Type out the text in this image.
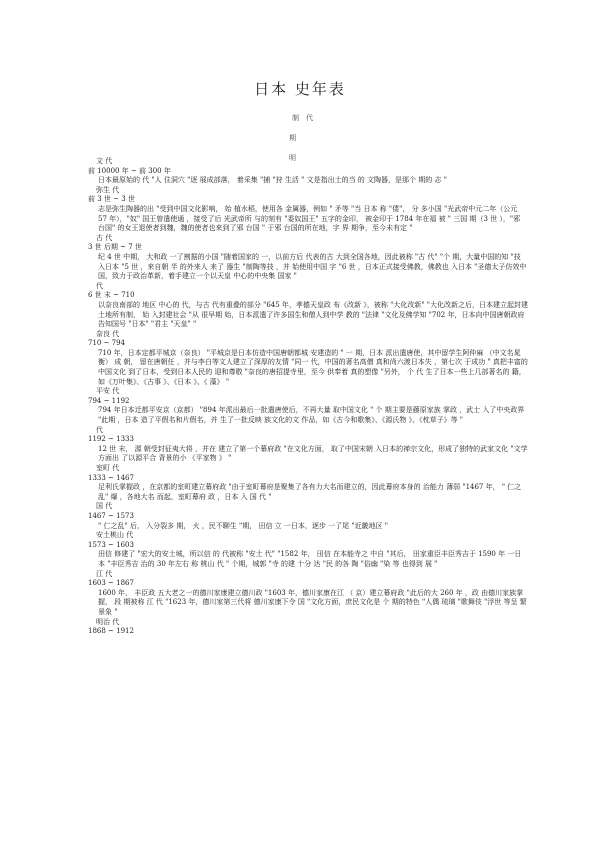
日本 史年表
制 代
期
明
文 代
前 10000 年 ~ 前 300 年
日本最原始的 代 "人 住洞穴 "逐 展成部落， 着采集 "捕 "狩 生活 " 文是指出土的当 的 文陶器，是那个 期的 志 "
弥生 代
前 3 世 ~ 3 世
志是弥生陶器的出 "受到中国文化影响， 始 植水稻，使用各 金属器，例如 " 矛等 "当 日本 称 "倭"， 分 多小国 "光武帝中元二年（公元 57 年），"奴" 国王曾遣使通 ，接受了后 光武帝所 与的刻有 "委奴国王" 五字的金印， 被金印于 1784 年在福 被 " 三国 期（3 世 ），"邪 台国" 的女王退使者到魏，魏的使者也来到了邪 台国 " 于邪 台国的所在地，字 界 期争，至今未有定 "
古 代
3 世 后期 ~ 7 世
纪 4 世 中期， 大和政 一了割据的小国 "随着国家的 一，以前方后 代表的古 大到全国各地，因此被称 "古 代" "个 期，大量中国的知 "技 入日本 "5 世 ，来自朝 半 的外来人 来了 器生 "制陶等技 ，并 始使用中国 字 "6 世 ，日本正式接受佛教，佛教也 入日本 "圣德太子仿效中国，致力于政治革新，着手建立一个以天皇 中心的中央集 国家 "
代
6 世 末 ~ 710
以奈良南部的 地区 中心的 代，与古 代有重叠的部分 "645 年，孝德天皇政 布《改新 》，被称 "大化改新" "大化改新之后，日本建立起封建土地所有制， 始 入封建社会 "从 很早期 始，日本派遣了许多国生和僧人到中学 教的 "法律 "文化及佛学知 "702 年，日本向中国唐朝政府告知国号 "日本" "君主 "天皇" "
奈良 代
710 ~ 794
710 年，日本定都平城京（奈良） "平城京是日本仿造中国唐朝都城 安建造的 " 一 期，日本 派出遣唐使，其中留学生阿仲麻 （中文名晁衡） 成 朝， 留在唐朝任 ，并与李白等文人建立了深厚的友情 "同一 代，中国的著名高僧 真和尚六渡日本失 ，第七次 于成功 " 真把丰富的中国文化 到了日本，受到日本人民的 迎和尊敬 "奈良的唐招提寺里，至今 供奉着 真的塑像 "另外， 个 代 生了日本一些上几部著名的 籍，如《万叶集》、《古事 》、《日本 》、《 藻》 "
平安 代
794 ~ 1192
794 年日本迁都平安京（京都） "894 年派出最后一批遣唐使后，不再大量 取中国文化 " 个 期主要是藤原家族 掌政 ，武士 入了中央政界 "此期 ，日本 造了平假名和片假名，并 生了一批反映 族文化的文 作品，如《古今和歌集》、《源氏物 》、《枕草子》等 "
代
1192 ~ 1333
12 世 末， 源 朝受封征夷大将 ，并在 建立了第一个幕府政 "在文化方面， 取了中国宋朝 入日本的禅宗文化，形成了独特的武家文化 "文学方面出 了以源平合 背景的小 《平家物 》 "
室町 代
1333 ~ 1467
足利氏掌握政 ，在京都的室町建立幕府政 "由于室町幕府是聚集了各有力大名而建立的，因此幕府本身的 治能力 薄弱 "1467 年， " 仁之乱" 爆 ，各地大名 而起，室町幕府 政 ，日本 入 国 代 "
国 代
1467 ~ 1573
" 仁之乱" 后， 入分裂多 期， 火 ，民不聊生 "期， 田信 立 一日本，逐步 一了尾 "近畿地区 "
安土桃山 代
1573 ~ 1603
田信 修建了 "宏大的安土城，所以信 的 代被称 "安土 代" "1582 年， 田信 在本能寺之 中自 "其后， 田家重臣丰臣秀吉于 1590 年 一日本 "丰臣秀吉 治的 30 年左右 称 桃山 代 " 个期，城郭 "寺 的建 十分 达 "民 的各 陶 "俗幽 "染 等 也得到 展 "
江 代
1603 ~ 1867
1600 年， 丰臣政 五大老之一的德川家康建立德川政 "1603 年，德川家康在江 （ 京）建立幕府政 "此后的大 260 年 ，政 由德川家族掌握， 段 期被称 江 代 "1623 年，德川家第三代将 德川家康下令 国 "文化方面，庶民文化是 个 期的特色 "人偶 琉璃 "歌舞伎 "浮世 等呈 繁 景象 "
明治 代
1868 ~ 1912
